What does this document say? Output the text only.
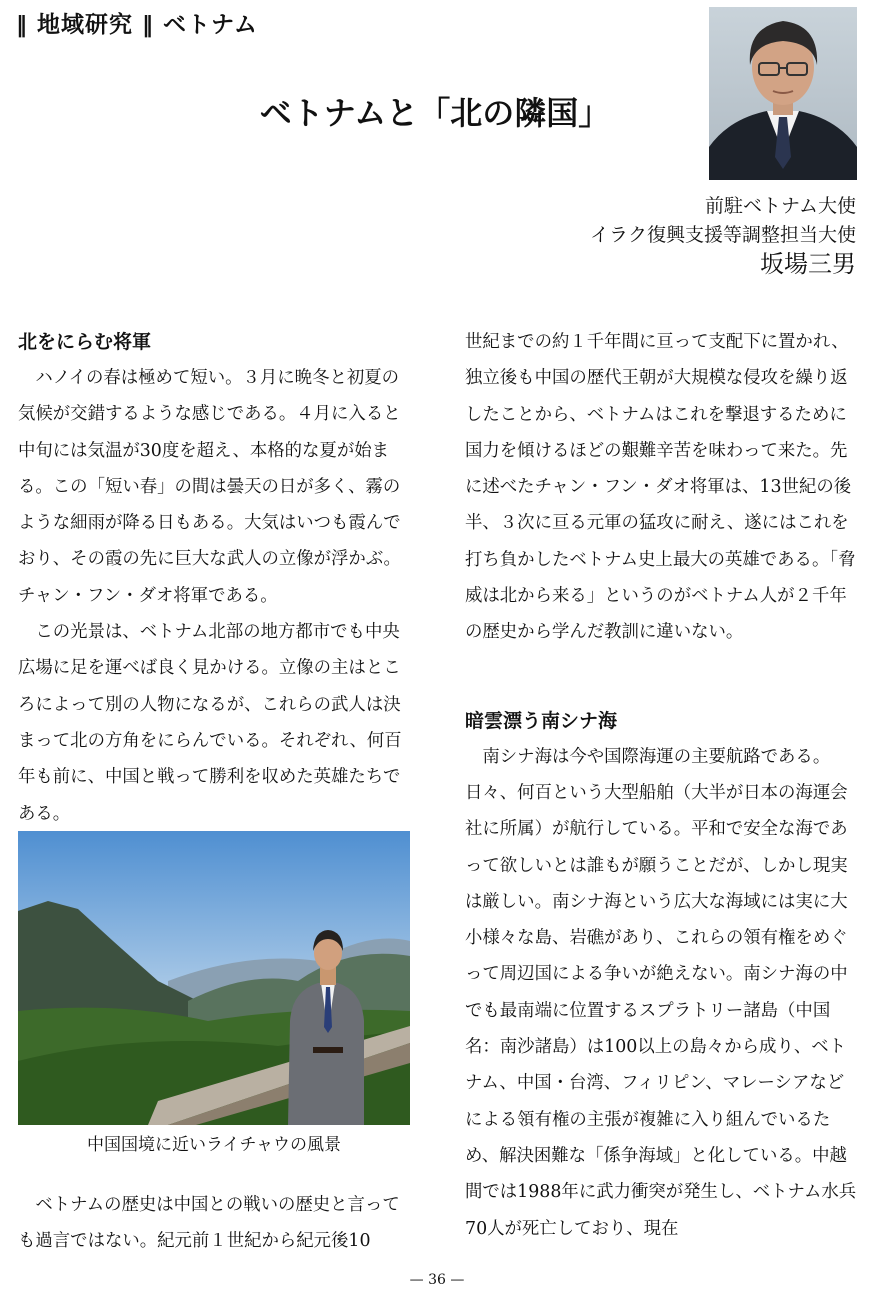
‖ 地域研究 ‖ ベトナム
ベトナムと「北の隣国」
前駐ベトナム大使
イラク復興支援等調整担当大使
坂場三男
北をにらむ将軍

ハノイの春は極めて短い。３月に晩冬と初夏の気候が交錯するような感じである。４月に入ると中旬には気温が30度を超え、本格的な夏が始まる。この「短い春」の間は曇天の日が多く、霧のような細雨が降る日もある。大気はいつも霞んでおり、その霞の先に巨大な武人の立像が浮かぶ。チャン・フン・ダオ将軍である。

この光景は、ベトナム北部の地方都市でも中央広場に足を運べば良く見かける。立像の主はところによって別の人物になるが、これらの武人は決まって北の方角をにらんでいる。それぞれ、何百年も前に、中国と戦って勝利を収めた英雄たちである。

中国国境に近いライチャウの風景

ベトナムの歴史は中国との戦いの歴史と言っても過言ではない。紀元前１世紀から紀元後10

世紀までの約１千年間に亘って支配下に置かれ、独立後も中国の歴代王朝が大規模な侵攻を繰り返したことから、ベトナムはこれを撃退するために国力を傾けるほどの艱難辛苦を味わって来た。先に述べたチャン・フン・ダオ将軍は、13世紀の後半、３次に亘る元軍の猛攻に耐え、遂にはこれを打ち負かしたベトナム史上最大の英雄である。「脅威は北から来る」というのがベトナム人が２千年の歴史から学んだ教訓に違いない。

暗雲漂う南シナ海

南シナ海は今や国際海運の主要航路である。日々、何百という大型船舶（大半が日本の海運会社に所属）が航行している。平和で安全な海であって欲しいとは誰もが願うことだが、しかし現実は厳しい。南シナ海という広大な海域には実に大小様々な島、岩礁があり、これらの領有権をめぐって周辺国による争いが絶えない。南シナ海の中でも最南端に位置するスプラトリー諸島（中国名：南沙諸島）は100以上の島々から成り、ベトナム、中国・台湾、フィリピン、マレーシアなどによる領有権の主張が複雑に入り組んでいるため、解決困難な「係争海域」と化している。中越間では1988年に武力衝突が発生し、ベトナム水兵70人が死亡しており、現在

— 36 —
